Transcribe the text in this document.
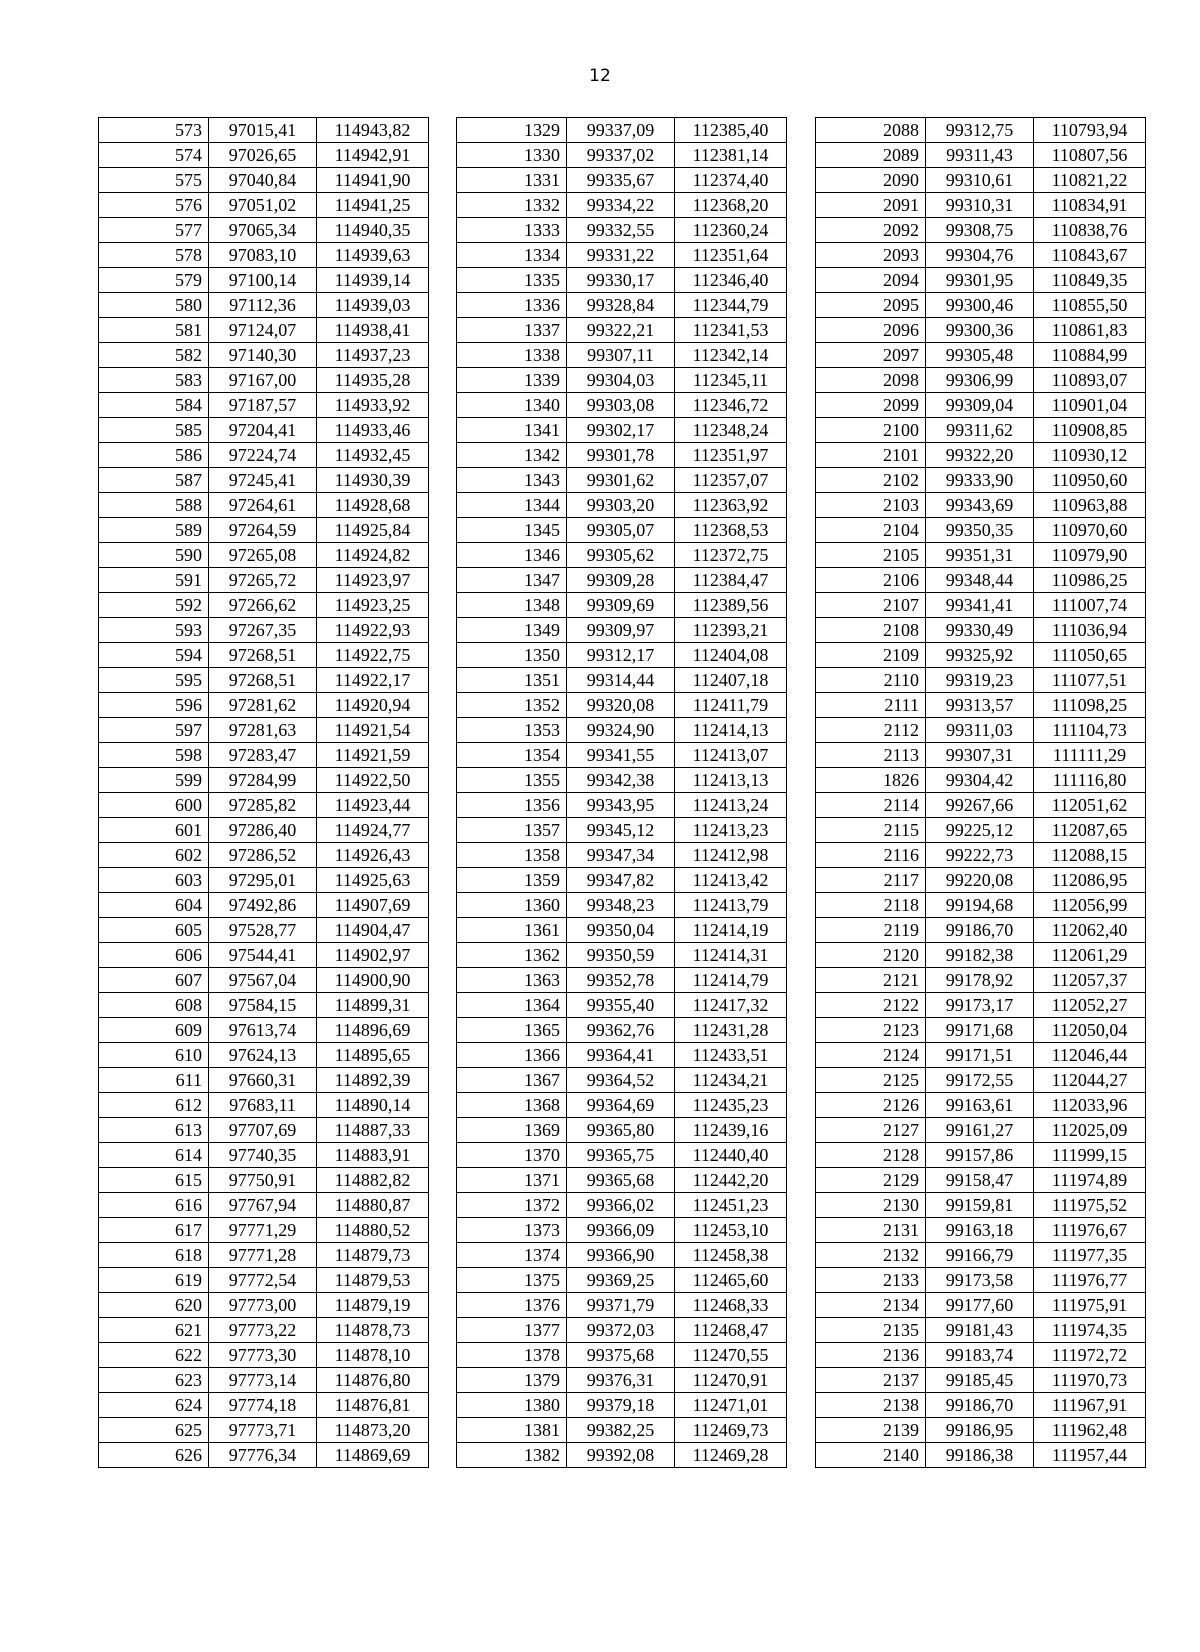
12
573	97015,41	114943,82
574	97026,65	114942,91
575	97040,84	114941,90
576	97051,02	114941,25
577	97065,34	114940,35
578	97083,10	114939,63
579	97100,14	114939,14
580	97112,36	114939,03
581	97124,07	114938,41
582	97140,30	114937,23
583	97167,00	114935,28
584	97187,57	114933,92
585	97204,41	114933,46
586	97224,74	114932,45
587	97245,41	114930,39
588	97264,61	114928,68
589	97264,59	114925,84
590	97265,08	114924,82
591	97265,72	114923,97
592	97266,62	114923,25
593	97267,35	114922,93
594	97268,51	114922,75
595	97268,51	114922,17
596	97281,62	114920,94
597	97281,63	114921,54
598	97283,47	114921,59
599	97284,99	114922,50
600	97285,82	114923,44
601	97286,40	114924,77
602	97286,52	114926,43
603	97295,01	114925,63
604	97492,86	114907,69
605	97528,77	114904,47
606	97544,41	114902,97
607	97567,04	114900,90
608	97584,15	114899,31
609	97613,74	114896,69
610	97624,13	114895,65
611	97660,31	114892,39
612	97683,11	114890,14
613	97707,69	114887,33
614	97740,35	114883,91
615	97750,91	114882,82
616	97767,94	114880,87
617	97771,29	114880,52
618	97771,28	114879,73
619	97772,54	114879,53
620	97773,00	114879,19
621	97773,22	114878,73
622	97773,30	114878,10
623	97773,14	114876,80
624	97774,18	114876,81
625	97773,71	114873,20
626	97776,34	114869,69
1329	99337,09	112385,40
1330	99337,02	112381,14
1331	99335,67	112374,40
1332	99334,22	112368,20
1333	99332,55	112360,24
1334	99331,22	112351,64
1335	99330,17	112346,40
1336	99328,84	112344,79
1337	99322,21	112341,53
1338	99307,11	112342,14
1339	99304,03	112345,11
1340	99303,08	112346,72
1341	99302,17	112348,24
1342	99301,78	112351,97
1343	99301,62	112357,07
1344	99303,20	112363,92
1345	99305,07	112368,53
1346	99305,62	112372,75
1347	99309,28	112384,47
1348	99309,69	112389,56
1349	99309,97	112393,21
1350	99312,17	112404,08
1351	99314,44	112407,18
1352	99320,08	112411,79
1353	99324,90	112414,13
1354	99341,55	112413,07
1355	99342,38	112413,13
1356	99343,95	112413,24
1357	99345,12	112413,23
1358	99347,34	112412,98
1359	99347,82	112413,42
1360	99348,23	112413,79
1361	99350,04	112414,19
1362	99350,59	112414,31
1363	99352,78	112414,79
1364	99355,40	112417,32
1365	99362,76	112431,28
1366	99364,41	112433,51
1367	99364,52	112434,21
1368	99364,69	112435,23
1369	99365,80	112439,16
1370	99365,75	112440,40
1371	99365,68	112442,20
1372	99366,02	112451,23
1373	99366,09	112453,10
1374	99366,90	112458,38
1375	99369,25	112465,60
1376	99371,79	112468,33
1377	99372,03	112468,47
1378	99375,68	112470,55
1379	99376,31	112470,91
1380	99379,18	112471,01
1381	99382,25	112469,73
1382	99392,08	112469,28
2088	99312,75	110793,94
2089	99311,43	110807,56
2090	99310,61	110821,22
2091	99310,31	110834,91
2092	99308,75	110838,76
2093	99304,76	110843,67
2094	99301,95	110849,35
2095	99300,46	110855,50
2096	99300,36	110861,83
2097	99305,48	110884,99
2098	99306,99	110893,07
2099	99309,04	110901,04
2100	99311,62	110908,85
2101	99322,20	110930,12
2102	99333,90	110950,60
2103	99343,69	110963,88
2104	99350,35	110970,60
2105	99351,31	110979,90
2106	99348,44	110986,25
2107	99341,41	111007,74
2108	99330,49	111036,94
2109	99325,92	111050,65
2110	99319,23	111077,51
2111	99313,57	111098,25
2112	99311,03	111104,73
2113	99307,31	111111,29
1826	99304,42	111116,80
2114	99267,66	112051,62
2115	99225,12	112087,65
2116	99222,73	112088,15
2117	99220,08	112086,95
2118	99194,68	112056,99
2119	99186,70	112062,40
2120	99182,38	112061,29
2121	99178,92	112057,37
2122	99173,17	112052,27
2123	99171,68	112050,04
2124	99171,51	112046,44
2125	99172,55	112044,27
2126	99163,61	112033,96
2127	99161,27	112025,09
2128	99157,86	111999,15
2129	99158,47	111974,89
2130	99159,81	111975,52
2131	99163,18	111976,67
2132	99166,79	111977,35
2133	99173,58	111976,77
2134	99177,60	111975,91
2135	99181,43	111974,35
2136	99183,74	111972,72
2137	99185,45	111970,73
2138	99186,70	111967,91
2139	99186,95	111962,48
2140	99186,38	111957,44
